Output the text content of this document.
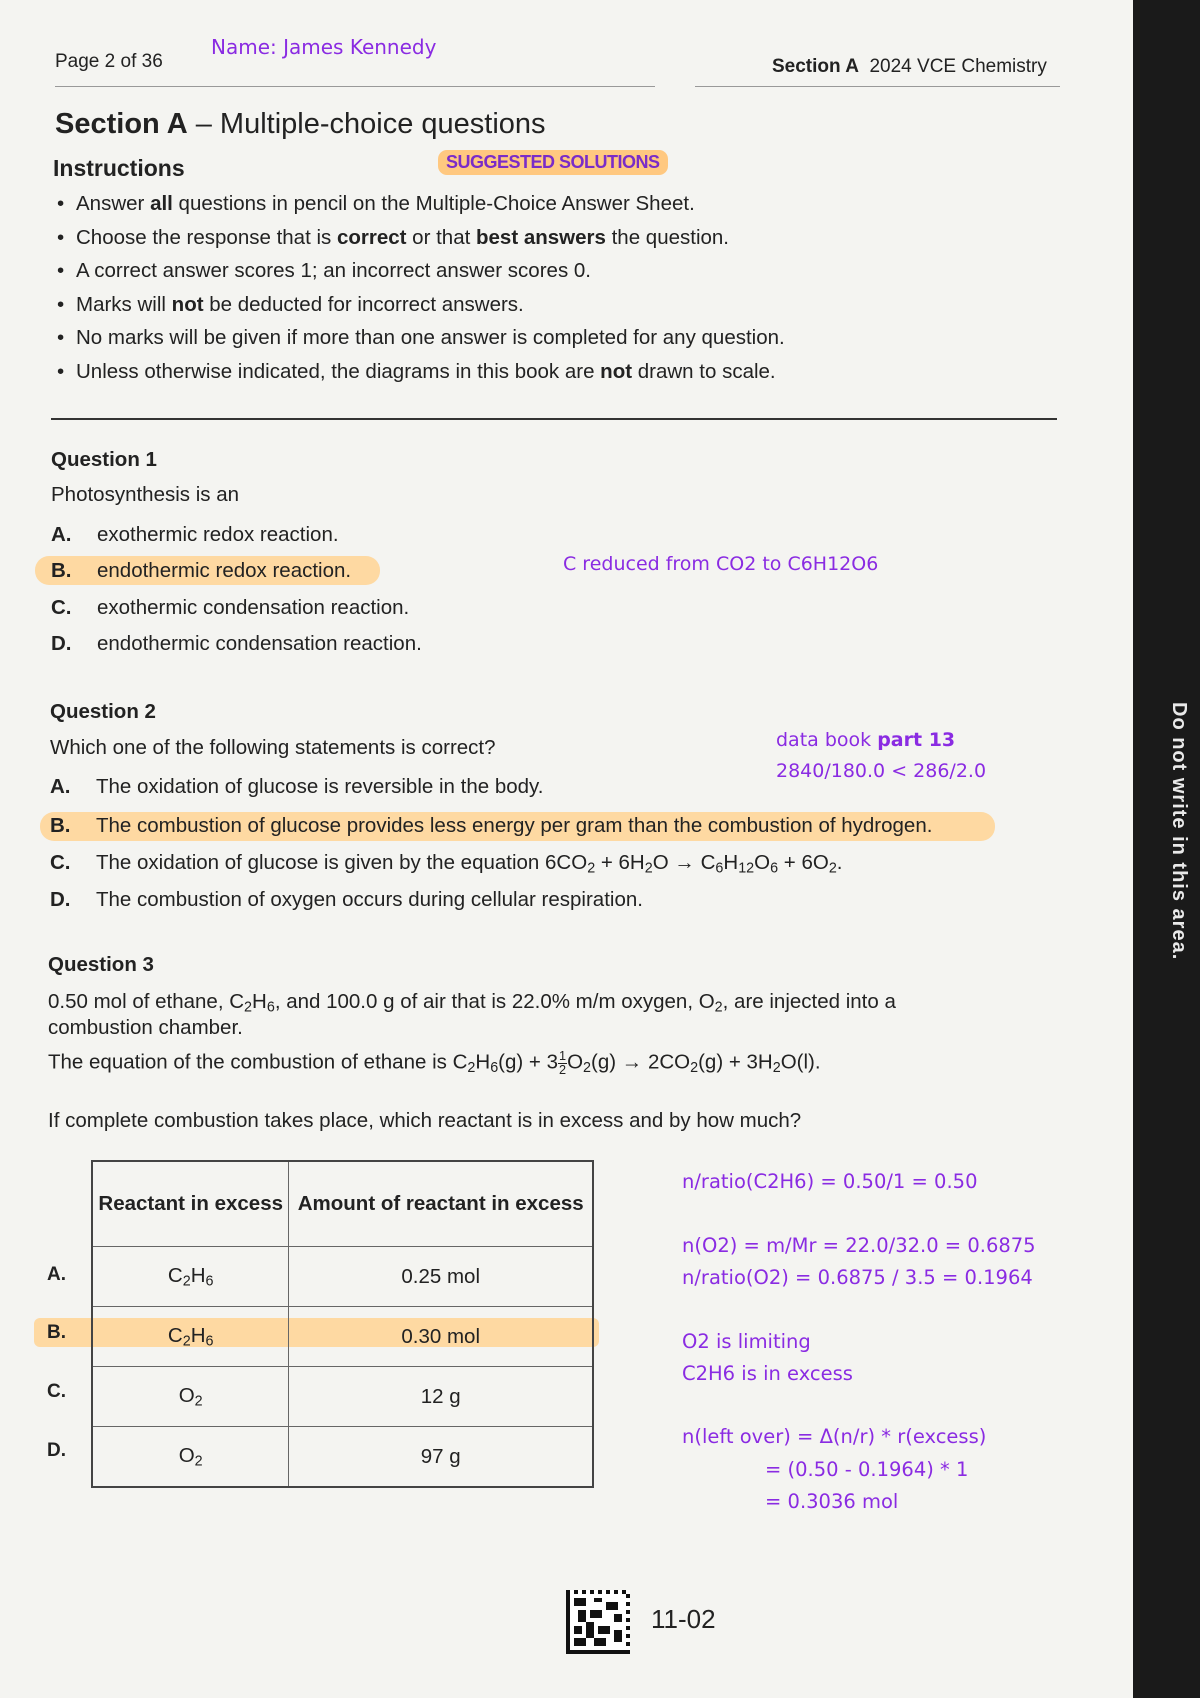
Page 2 of 36
Name: James Kennedy
Section A 2024 VCE Chemistry
Section A – Multiple-choice questions
Instructions	SUGGESTED SOLUTIONS
• Answer all questions in pencil on the Multiple-Choice Answer Sheet.
• Choose the response that is correct or that best answers the question.
• A correct answer scores 1; an incorrect answer scores 0.
• Marks will not be deducted for incorrect answers.
• No marks will be given if more than one answer is completed for any question.
• Unless otherwise indicated, the diagrams in this book are not drawn to scale.
Question 1
Photosynthesis is an
A. exothermic redox reaction.
B. endothermic redox reaction.
C. exothermic condensation reaction.
D. endothermic condensation reaction.
C reduced from CO2 to C6H12O6
Question 2
Which one of the following statements is correct?
A. The oxidation of glucose is reversible in the body.
B. The combustion of glucose provides less energy per gram than the combustion of hydrogen.
C. The oxidation of glucose is given by the equation $6CO_2 + 6H_2O \to C_6H_{12}O_6 + 6O_2$.
D. The combustion of oxygen occurs during cellular respiration.
data book part 13
2840/180.0 < 286/2.0
Question 3
0.50 mol of ethane, $C_2H_6$, and 100.0 g of air that is 22.0% m/m oxygen, $O_2$, are injected into a
combustion chamber.
The equation of the combustion of ethane is $C_2H_6(g) + 3 \frac{1}{2} O_2(g) \to 2CO_2(g) + 3H_2O(l)$.
If complete combustion takes place, which reactant is in excess and by how much?
Reactant in excess	Amount of reactant in excess
$C_2H_6$	0.25 mol
$C_2H_6$	0.30 mol
$O_2$	12 g
$O_2$	97 g
A.
B.
C.
D.
n/ratio(C2H6) = 0.50/1 = 0.50
n(O2) = m/Mr = 22.0/32.0 = 0.6875
n/ratio(O2) = 0.6875 / 3.5 = 0.1964
O2 is limiting
C2H6 is in excess
n(left over) = Δ(n/r) * r(excess)
= (0.50 - 0.1964) * 1
= 0.3036 mol
Do not write in this area.
11-02
